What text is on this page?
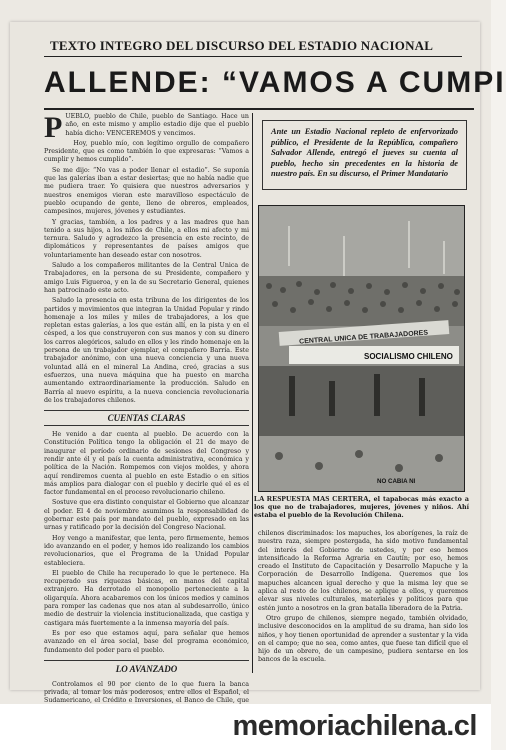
TEXTO INTEGRO DEL DISCURSO DEL ESTADIO NACIONAL
ALLENDE: “VAMOS A CUMPI
P UEBLO, pueblo de Chile, pueblo de Santiago. Hace un año, en este mismo y amplio estadio dije que el pueblo había dicho: VENCEREMOS y vencimos.

Hoy, pueblo mío, con legítimo orgullo de compañero Presidente, que es como también lo que expresaras: “Vamos a cumplir y hemos cumplido”.

Se me dijo: “No vas a poder llenar el estadio”. Se suponía que las galerías iban a estar desiertas; que no había nadie que me pudiera traer. Yo quisiera que nuestros adversarios y nuestros enemigos vieran este maravilloso espectáculo de pueblo ocupando de gente, lleno de obreros, empleados, campesinos, mujeres, jóvenes y estudiantes.

Y gracias, también, a los padres y a las madres que han tenido a sus hijos, a los niños de Chile, a ellos mi afecto y mi ternura. Saludo y agradezco la presencia en este recinto, de diplomáticos y representantes de países amigos que voluntariamente han deseado estar con nosotros.

Saludo a los compañeros militantes de la Central Unica de Trabajadores, en la persona de su Presidente, compañero y amigo Luis Figueroa, y en la de su Secretario General, quienes han patrocinado este acto.

Saludo la presencia en esta tribuna de los dirigentes de los partidos y movimientos que integran la Unidad Popular y rindo homenaje a los miles y miles de trabajadores, a los que repletan estas galerías, a los que están allí, en la pista y en el césped, a los que construyeron con sus manos y con su dinero los carros alegóricos, saludo en ellos y les rindo homenaje en la persona de un trabajador ejemplar, el compañero Barría. Este trabajador anónimo, con una nueva conciencia y una nueva voluntad allá en el mineral La Andina, creó, gracias a sus esfuerzos, una nueva máquina que ha puesto en marcha aumentando extraordinariamente la producción. Saludo en Barría al nuevo espíritu, a la nueva conciencia revolucionaria de los trabajadores chilenos.

CUENTAS CLARAS

He venido a dar cuenta al pueblo. De acuerdo con la Constitución Política tengo la obligación el 21 de mayo de inaugurar el período ordinario de sesiones del Congreso y rendir ante él y el país la cuenta administrativa, económica y política de la Nación. Rompemos con viejos moldes, y ahora aquí rendiremos cuenta al pueblo en este Estadio o en sitios más amplios para dialogar con el pueblo y decirle qué el es el factor fundamental en el proceso revolucionario chileno.

Sostuve que era distinto conquistar el Gobierno que alcanzar el poder. El 4 de noviembre asumimos la responsabilidad de gobernar este país por mandato del pueblo, expresado en las urnas y ratificado por la decisión del Congreso Nacional.

Hoy vengo a manifestar, que lenta, pero firmemente, hemos ido avanzando en el poder, y hemos ido realizando los cambios revolucionarios, que el Programa de la Unidad Popular estableciera.

El pueblo de Chile ha recuperado lo que le pertenece. Ha recuperado sus riquezas básicas, en manos del capital extranjero. Ha derrotado el monopolio perteneciente a la oligarquía. Ahora acabaremos con los únicos medios y caminos para romper las cadenas que nos atan al subdesarrollo, único medio de destruir la violencia institucionalizada, que castiga y castigara más fuertemente a la inmensa mayoría del país.

Es por eso que estamos aquí, para señalar que hemos avanzado en el área social, base del programa económico, fundamento del poder para el pueblo.

LO AVANZADO

Controlamos el 90 por ciento de lo que fuera la banca privada, al tomar los más poderosos, entre ellos el Español, el Sudamericano, el Crédito e Inversiones, el Banco de Chile, que

Ante un Estadio Nacional repleto de enfervorizado público, el Presidente de la República, compañero Salvador Allende, entregó el jueves su cuenta al pueblo, hecho sin precedentes en la historia de nuestro país. En su discurso, el Primer Mandatario
CENTRAL UNICA DE TRABAJADORES
SOCIALISMO CHILENO
NO CABIA NI
LA RESPUESTA MAS CERTERA, el tapabocas más exacto a los que no de trabajadores, mujeres, jóvenes y niños. Ahí estaba el pueblo de la Revolución Chilena.

chilenos discriminados: los mapuches, los aborígenes, la raíz de nuestra raza, siempre postergada, ha sido motivo fundamental del interés del Gobierno de ustedes, y por eso hemos intensificado la Reforma Agraria en Cautín; por eso, hemos creado el Instituto de Capacitación y Desarrollo Mapuche y la Corporación de Desarrollo Indígena. Queremos que los mapuches alcancen igual derecho y que la misma ley que se aplica al resto de los chilenos, se aplique a ellos, y queremos elevar sus niveles culturales, materiales y políticos para que estén junto a nosotros en la gran batalla liberadora de la Patria.

Otro grupo de chilenos, siempre negado, también olvidado, inclusive desconocidos en la amplitud de su drama, han sido los niños, y hoy tienen oportunidad de aprender a sustentar y la vida en el campo; que no sea, como antes, que fuese tan difícil que el hijo de un obrero, de un campesino, pudiera sentarse en los bancos de la escuela.

memoriachilena.cl
